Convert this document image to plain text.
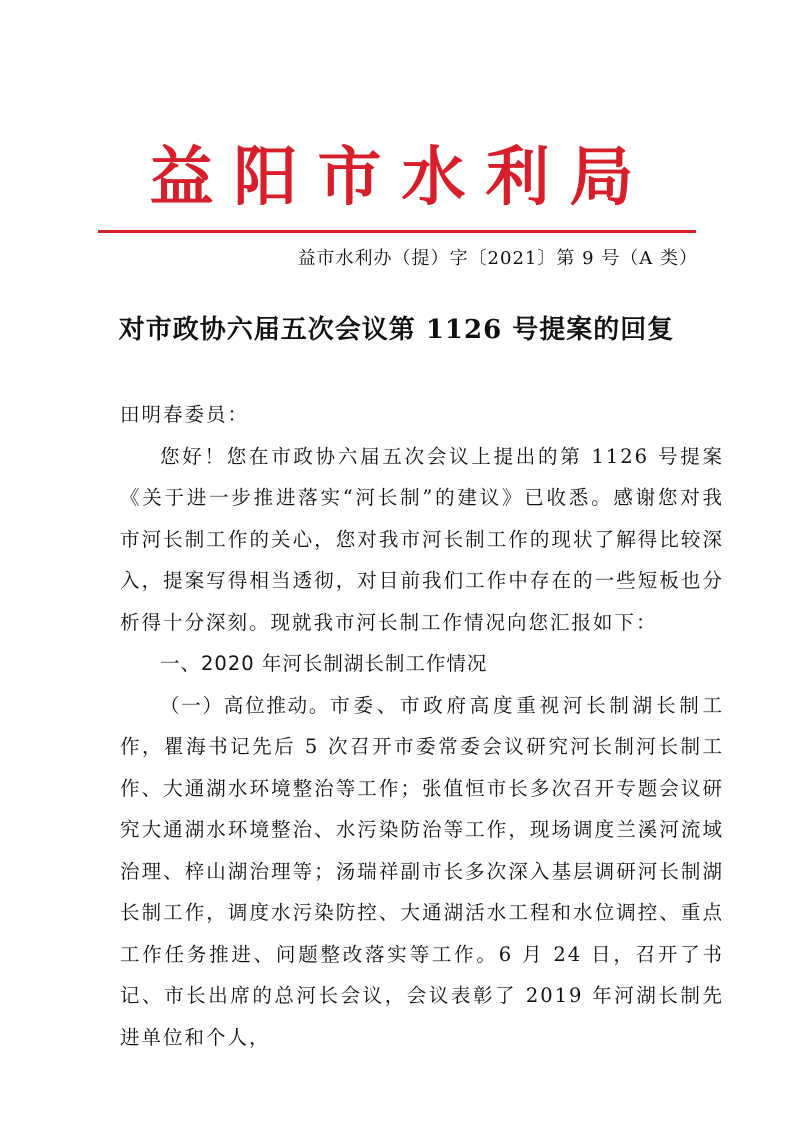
益阳市水利局
益市水利办（提）字〔2021〕第 9 号（A 类）
对市政协六届五次会议第 1126 号提案的回复

田明春委员：

您好！您在市政协六届五次会议上提出的第 1126 号提案《关于进一步推进落实“河长制”的建议》已收悉。感谢您对我市河长制工作的关心，您对我市河长制工作的现状了解得比较深入，提案写得相当透彻，对目前我们工作中存在的一些短板也分析得十分深刻。现就我市河长制工作情况向您汇报如下：

一、2020 年河长制湖长制工作情况

（一）高位推动。市委、市政府高度重视河长制湖长制工作，瞿海书记先后 5 次召开市委常委会议研究河长制河长制工作、大通湖水环境整治等工作；张值恒市长多次召开专题会议研究大通湖水环境整治、水污染防治等工作，现场调度兰溪河流域治理、梓山湖治理等；汤瑞祥副市长多次深入基层调研河长制湖长制工作，调度水污染防控、大通湖活水工程和水位调控、重点工作任务推进、问题整改落实等工作。6 月 24 日，召开了书记、市长出席的总河长会议，会议表彰了 2019 年河湖长制先进单位和个人，
